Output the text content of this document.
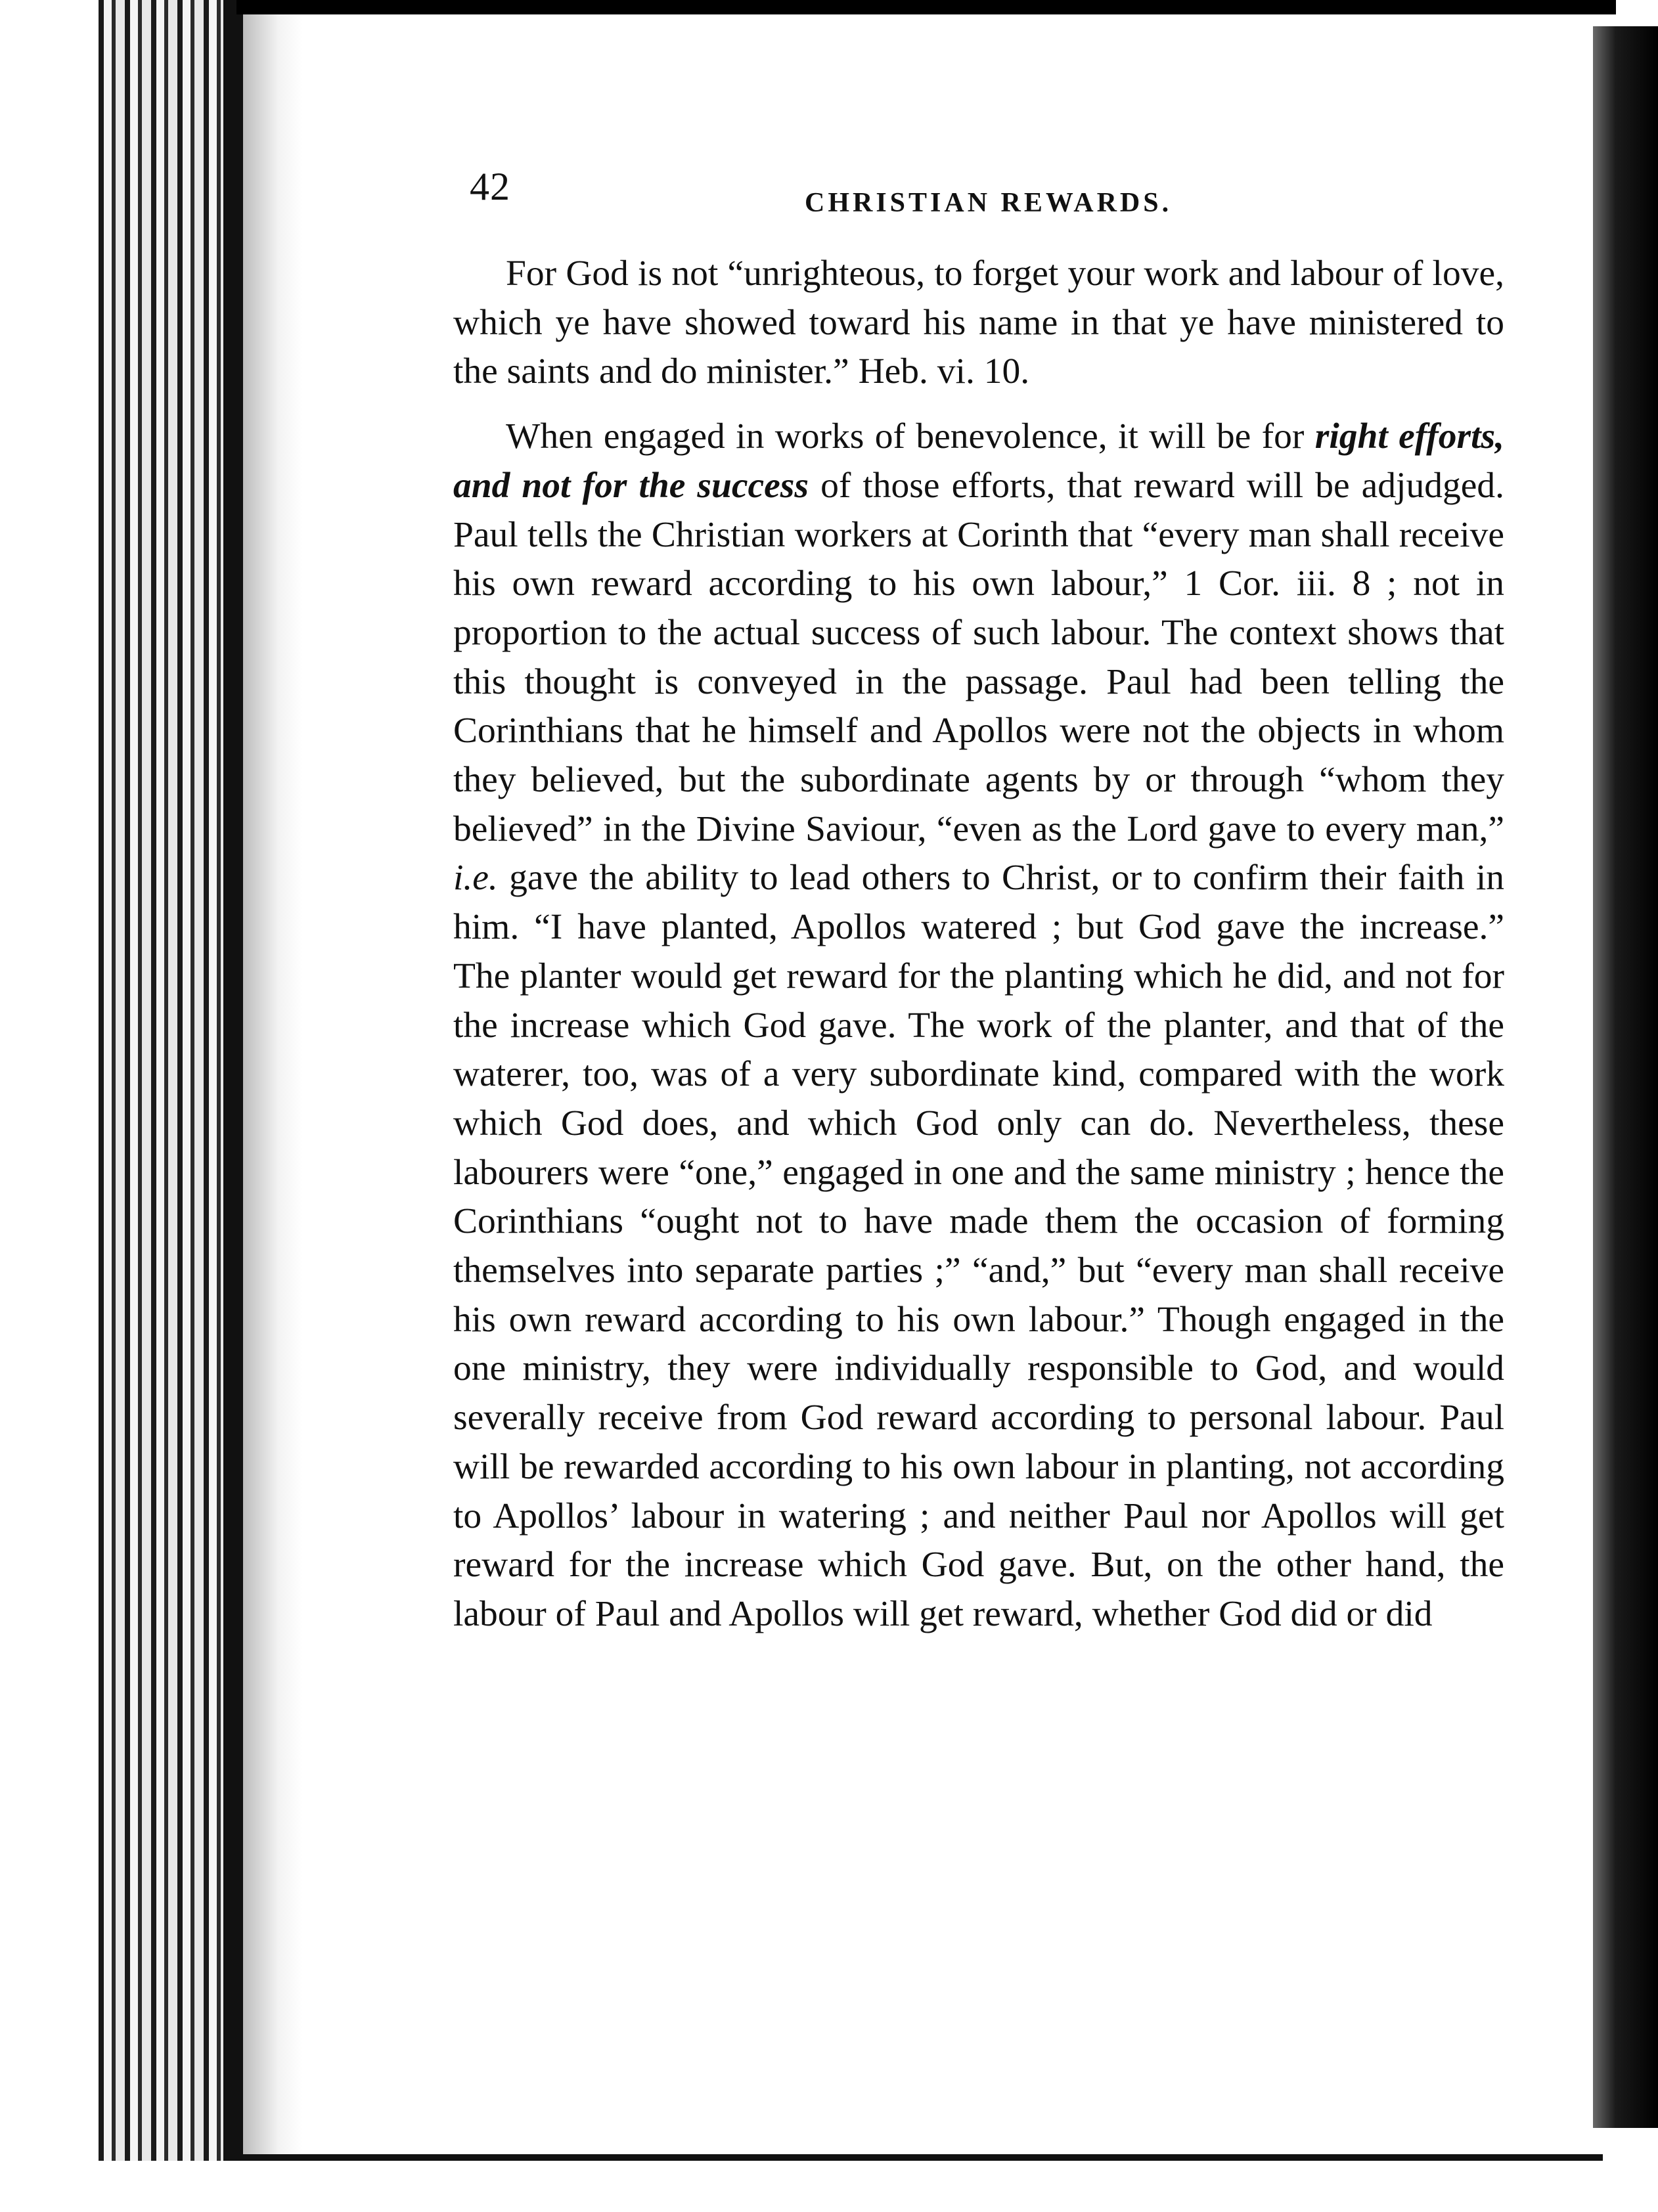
42	CHRISTIAN REWARDS.

For God is not “unrighteous, to forget your work and labour of love, which ye have showed toward his name in that ye have ministered to the saints and do minister.” Heb. vi. 10.

When engaged in works of benevolence, it will be for right efforts, and not for the success of those efforts, that reward will be adjudged. Paul tells the Christian workers at Corinth that “every man shall receive his own reward according to his own labour,” 1 Cor. iii. 8 ; not in proportion to the actual success of such labour. The context shows that this thought is conveyed in the passage. Paul had been telling the Corinthians that he himself and Apollos were not the objects in whom they believed, but the subordinate agents by or through “whom they believed” in the Divine Saviour, “even as the Lord gave to every man,” i.e. gave the ability to lead others to Christ, or to confirm their faith in him. “I have planted, Apollos watered ; but God gave the increase.” The planter would get reward for the planting which he did, and not for the increase which God gave. The work of the planter, and that of the waterer, too, was of a very subordinate kind, compared with the work which God does, and which God only can do. Nevertheless, these labourers were “one,” engaged in one and the same ministry ; hence the Corinthians “ought not to have made them the occasion of forming themselves into separate parties ;” “and,” but “every man shall receive his own reward according to his own labour.” Though engaged in the one ministry, they were individually responsible to God, and would severally receive from God reward according to personal labour. Paul will be rewarded according to his own labour in planting, not according to Apollos’ labour in watering ; and neither Paul nor Apollos will get reward for the increase which God gave. But, on the other hand, the labour of Paul and Apollos will get reward, whether God did or did
